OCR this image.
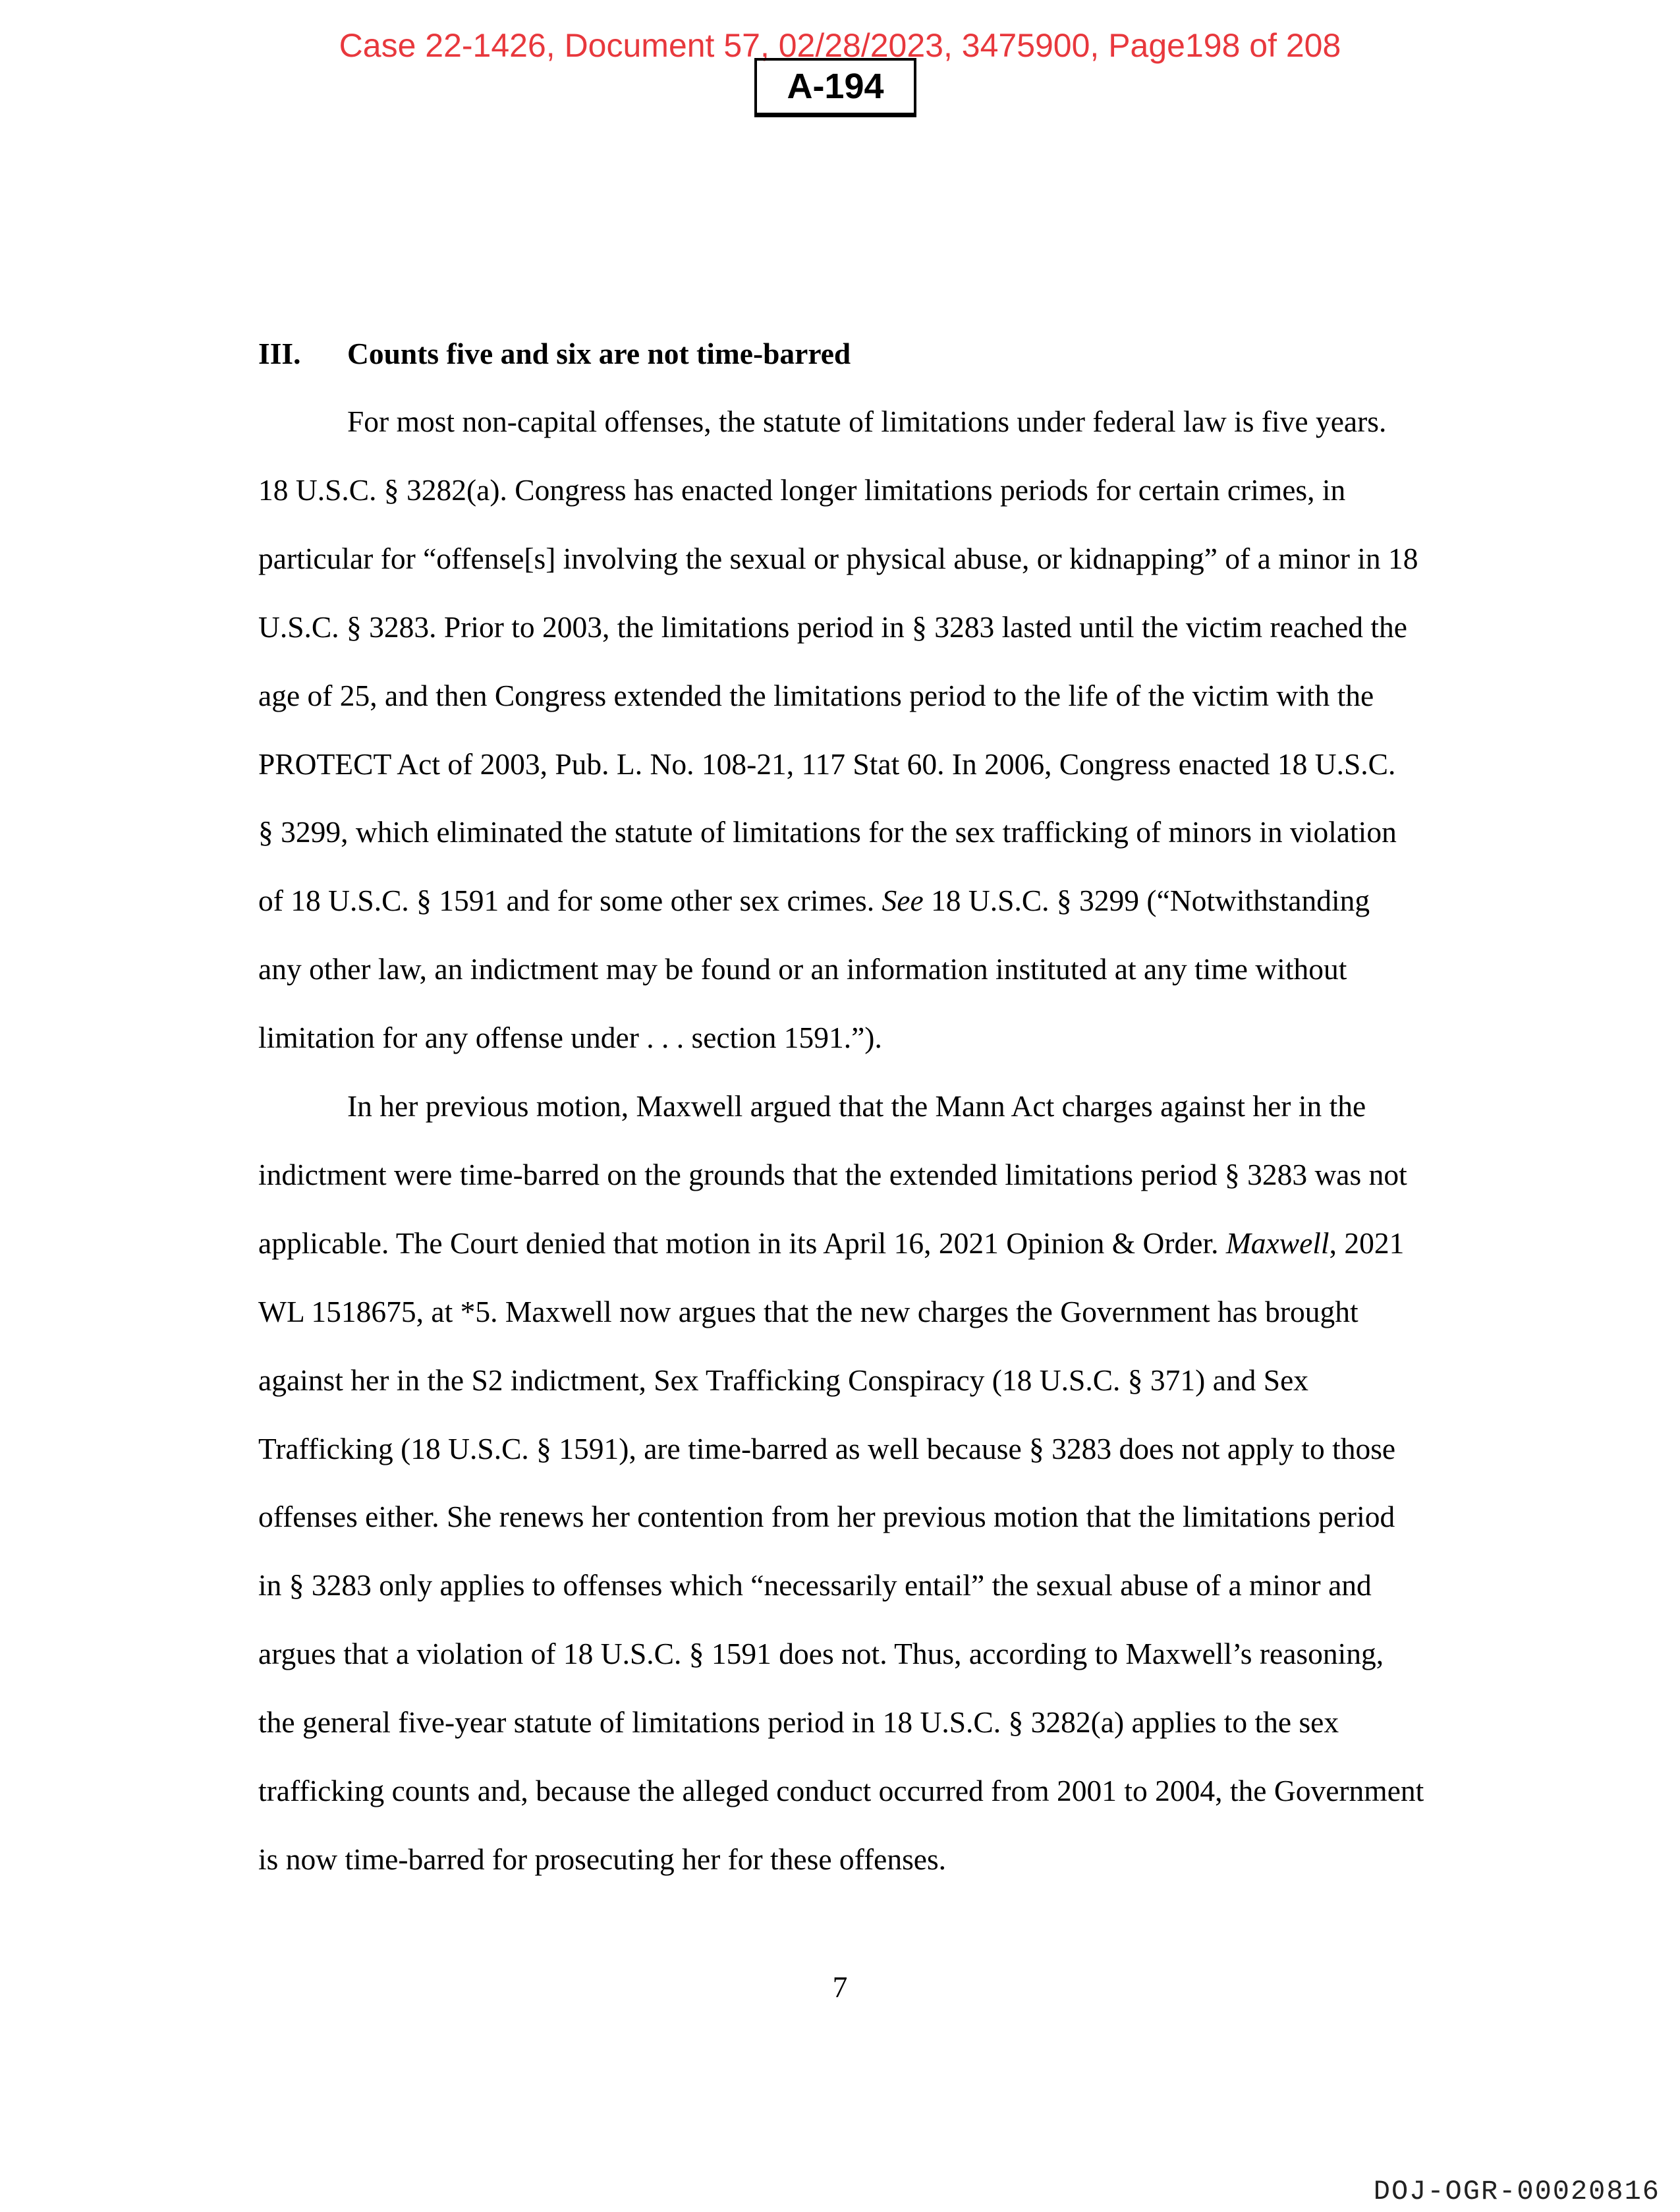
Case 22-1426, Document 57, 02/28/2023, 3475900, Page198 of 208
A-194
III. Counts five and six are not time-barred
For most non-capital offenses, the statute of limitations under federal law is five years.
18 U.S.C. § 3282(a). Congress has enacted longer limitations periods for certain crimes, in
particular for “offense[s] involving the sexual or physical abuse, or kidnapping” of a minor in 18
U.S.C. § 3283. Prior to 2003, the limitations period in § 3283 lasted until the victim reached the
age of 25, and then Congress extended the limitations period to the life of the victim with the
PROTECT Act of 2003, Pub. L. No. 108-21, 117 Stat 60. In 2006, Congress enacted 18 U.S.C.
§ 3299, which eliminated the statute of limitations for the sex trafficking of minors in violation
of 18 U.S.C. § 1591 and for some other sex crimes. See 18 U.S.C. § 3299 (“Notwithstanding
any other law, an indictment may be found or an information instituted at any time without
limitation for any offense under . . . section 1591.”).
In her previous motion, Maxwell argued that the Mann Act charges against her in the
indictment were time-barred on the grounds that the extended limitations period § 3283 was not
applicable. The Court denied that motion in its April 16, 2021 Opinion & Order. Maxwell, 2021
WL 1518675, at *5. Maxwell now argues that the new charges the Government has brought
against her in the S2 indictment, Sex Trafficking Conspiracy (18 U.S.C. § 371) and Sex
Trafficking (18 U.S.C. § 1591), are time-barred as well because § 3283 does not apply to those
offenses either. She renews her contention from her previous motion that the limitations period
in § 3283 only applies to offenses which “necessarily entail” the sexual abuse of a minor and
argues that a violation of 18 U.S.C. § 1591 does not. Thus, according to Maxwell’s reasoning,
the general five-year statute of limitations period in 18 U.S.C. § 3282(a) applies to the sex
trafficking counts and, because the alleged conduct occurred from 2001 to 2004, the Government
is now time-barred for prosecuting her for these offenses.
7
DOJ-OGR-00020816
